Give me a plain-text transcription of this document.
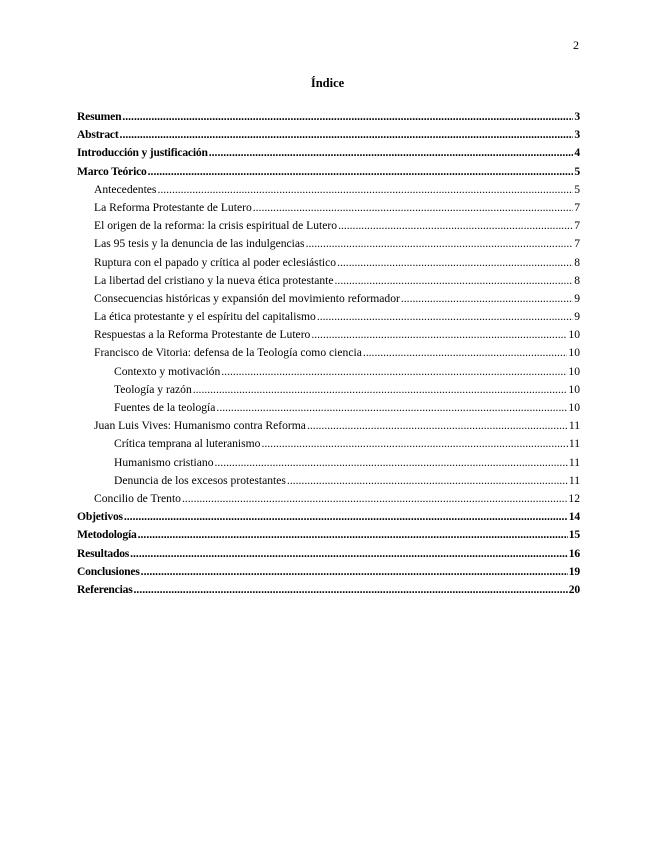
2
Índice
Resumen .....	3
Abstract .....	3
Introducción y justificación .....	4
Marco Teórico .....	5
Antecedentes .....	5
La Reforma Protestante de Lutero .....	7
El origen de la reforma: la crisis espiritual de Lutero .....	7
Las 95 tesis y la denuncia de las indulgencias .....	7
Ruptura con el papado y crítica al poder eclesiástico .....	8
La libertad del cristiano y la nueva ética protestante .....	8
Consecuencias históricas y expansión del movimiento reformador .....	9
La ética protestante y el espíritu del capitalismo .....	9
Respuestas a la Reforma Protestante de Lutero .....	10
Francisco de Vitoria: defensa de la Teología como ciencia .....	10
Contexto y motivación .....	10
Teología y razón .....	10
Fuentes de la teología .....	10
Juan Luis Vives: Humanismo contra Reforma .....	11
Crítica temprana al luteranismo .....	11
Humanismo cristiano .....	11
Denuncia de los excesos protestantes .....	11
Concilio de Trento .....	12
Objetivos .....	14
Metodología .....	15
Resultados .....	16
Conclusiones .....	19
Referencias .....	20
